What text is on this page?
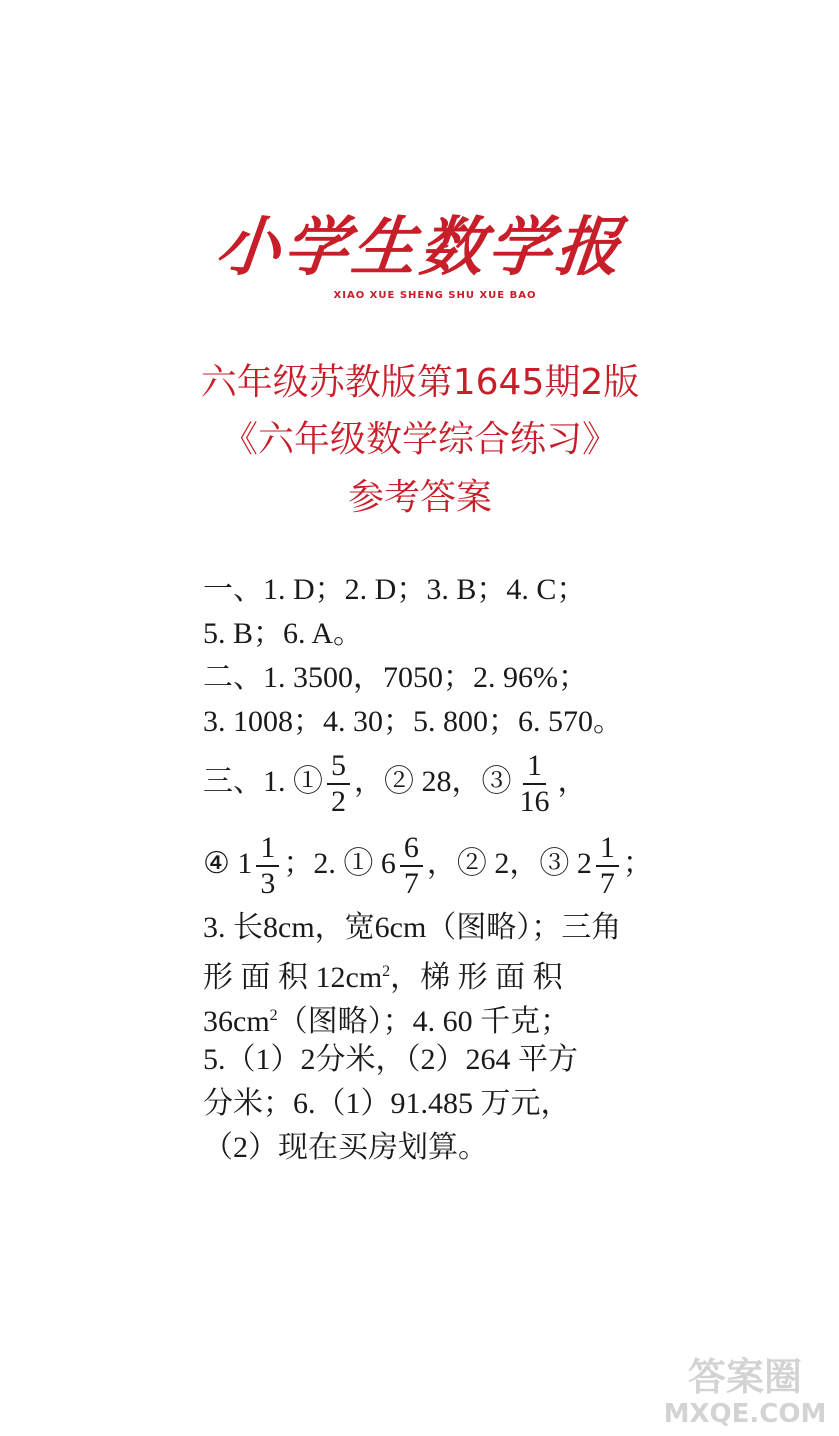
小学生数学报
XIAO XUE SHENG SHU XUE BAO
六年级苏教版第1645期2版
《六年级数学综合练习》
参考答案
一、1. D；2. D；3. B；4. C；
5. B；6. A。
二、1. 3500，7050；2. 96%；
3. 1008；4. 30；5. 800；6. 570。
三、1. ① $\frac{5}{2}$ ，② 28，③ $\frac{1}{16}$ ，
④ $1 \frac{1}{3}$ ；2. ① $6 \frac{6}{7}$ ，② 2，③ $2 \frac{1}{7}$ ；
3. 长8cm，宽6cm（图略）；三角
形 面 积 $12cm^2$，梯 形 面 积
$36cm^2$（图略）；4. 60 千克；
5.（1）2分米，（2）264 平方
分米；6.（1）91.485 万元，
（2）现在买房划算。
答案圈
MXQE.COM
